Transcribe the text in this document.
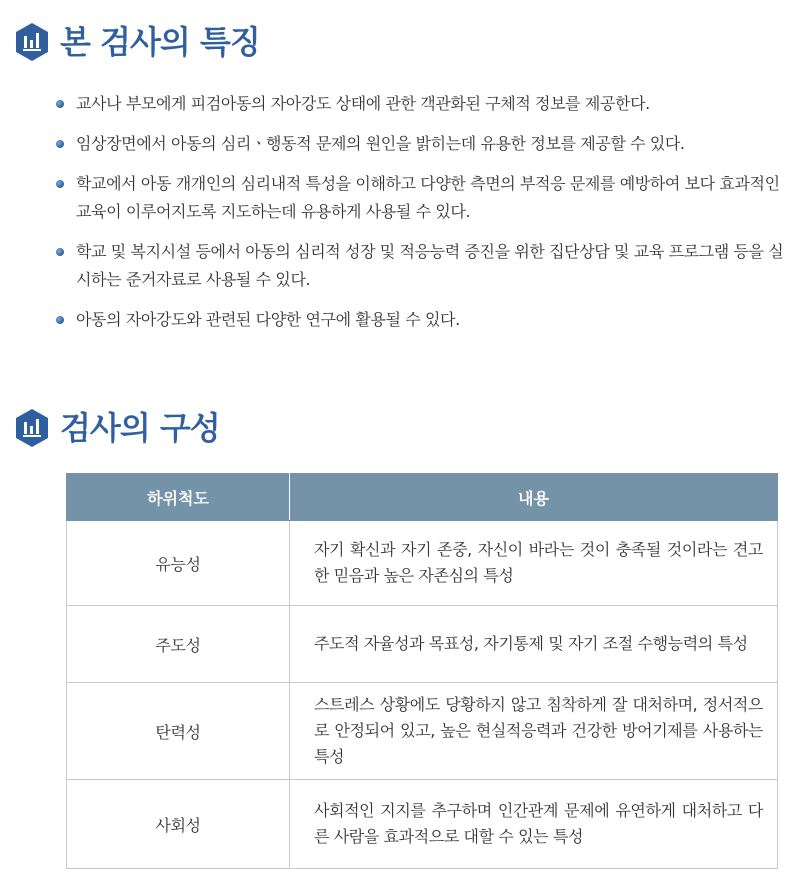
본 검사의 특징
교사나 부모에게 피검아동의 자아강도 상태에 관한 객관화된 구체적 정보를 제공한다.
임상장면에서 아동의 심리ㆍ행동적 문제의 원인을 밝히는데 유용한 정보를 제공할 수 있다.
학교에서 아동 개개인의 심리내적 특성을 이해하고 다양한 측면의 부적응 문제를 예방하여 보다 효과적인 교육이 이루어지도록 지도하는데 유용하게 사용될 수 있다.
학교 및 복지시설 등에서 아동의 심리적 성장 및 적응능력 증진을 위한 집단상담 및 교육 프로그램 등을 실시하는 준거자료로 사용될 수 있다.
아동의 자아강도와 관련된 다양한 연구에 활용될 수 있다.
검사의 구성
하위척도	내용
유능성	자기 확신과 자기 존중, 자신이 바라는 것이 충족될 것이라는 견고한 믿음과 높은 자존심의 특성
주도성	주도적 자율성과 목표성, 자기통제 및 자기 조절 수행능력의 특성
탄력성	스트레스 상황에도 당황하지 않고 침착하게 잘 대처하며, 정서적으로 안정되어 있고, 높은 현실적응력과 건강한 방어기제를 사용하는 특성
사회성	사회적인 지지를 추구하며 인간관계 문제에 유연하게 대처하고 다른 사람을 효과적으로 대할 수 있는 특성
